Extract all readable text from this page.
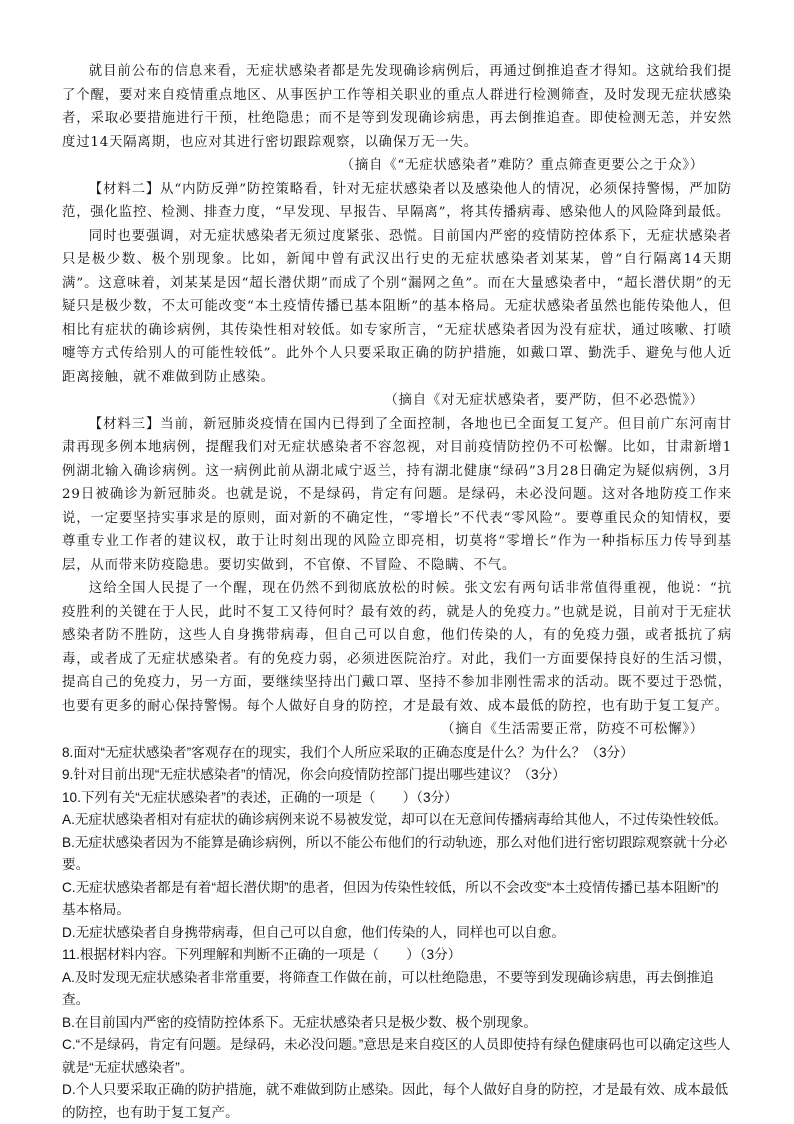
就目前公布的信息来看，无症状感染者都是先发现确诊病例后，再通过倒推追查才得知。这就给我们提了个醒，要对来自疫情重点地区、从事医护工作等相关职业的重点人群进行检测筛查，及时发现无症状感染者，采取必要措施进行干预，杜绝隐患；而不是等到发现确诊病患，再去倒推追查。即使检测无恙，并安然度过14天隔离期，也应对其进行密切跟踪观察，以确保万无一失。

（摘自《“无症状感染者”难防？重点筛查更要公之于众》）

【材料二】从“内防反弹”防控策略看，针对无症状感染者以及感染他人的情况，必须保持警惕，严加防范，强化监控、检测、排查力度，“早发现、早报告、早隔离”，将其传播病毒、感染他人的风险降到最低。

同时也要强调，对无症状感染者无须过度紧张、恐慌。目前国内严密的疫情防控体系下，无症状感染者只是极少数、极个别现象。比如，新闻中曾有武汉出行史的无症状感染者刘某某，曾“自行隔离14天期满”。这意味着，刘某某是因“超长潜伏期”而成了个别“漏网之鱼”。而在大量感染者中，“超长潜伏期”的无疑只是极少数，不太可能改变“本土疫情传播已基本阻断”的基本格局。无症状感染者虽然也能传染他人，但相比有症状的确诊病例，其传染性相对较低。如专家所言，“无症状感染者因为没有症状，通过咳嗽、打喷嚏等方式传给别人的可能性较低”。此外个人只要采取正确的防护措施，如戴口罩、勤洗手、避免与他人近距离接触，就不难做到防止感染。

（摘自《对无症状感染者，要严防，但不必恐慌》）

【材料三】当前，新冠肺炎疫情在国内已得到了全面控制，各地也已全面复工复产。但目前广东河南甘肃再现多例本地病例，提醒我们对无症状感染者不容忽视，对目前疫情防控仍不可松懈。比如，甘肃新增1例湖北输入确诊病例。这一病例此前从湖北咸宁返兰，持有湖北健康“绿码”3月28日确定为疑似病例，3月29日被确诊为新冠肺炎。也就是说，不是绿码，肯定有问题。是绿码，未必没问题。这对各地防疫工作来说，一定要坚持实事求是的原则，面对新的不确定性，“零增长”不代表“零风险”。要尊重民众的知情权，要尊重专业工作者的建议权，敢于让时刻出现的风险立即亮相，切莫将“零增长”作为一种指标压力传导到基层，从而带来防疫隐患。要切实做到，不官僚、不冒险、不隐瞒、不气。

这给全国人民提了一个醒，现在仍然不到彻底放松的时候。张文宏有两句话非常值得重视，他说：“抗疫胜利的关键在于人民，此时不复工又待何时？最有效的药，就是人的免疫力。”也就是说，目前对于无症状感染者防不胜防，这些人自身携带病毒，但自己可以自愈，他们传染的人，有的免疫力强，或者抵抗了病毒，或者成了无症状感染者。有的免疫力弱，必须进医院治疗。对此，我们一方面要保持良好的生活习惯，提高自己的免疫力，另一方面，要继续坚持出门戴口罩、坚持不参加非刚性需求的活动。既不要过于恐慌，也要有更多的耐心保持警惕。每个人做好自身的防控，才是最有效、成本最低的防控，也有助于复工复产。

（摘自《生活需要正常，防疫不可松懈》）

8.面对“无症状感染者”客观存在的现实，我们个人所应采取的正确态度是什么？为什么？（3分）

9.针对目前出现“无症状感染者”的情况，你会向疫情防控部门提出哪些建议？（3分）

10.下列有关“无症状感染者”的表述，正确的一项是（　　）（3分）

A.无症状感染者相对有症状的确诊病例来说不易被发觉，却可以在无意间传播病毒给其他人，不过传染性较低。

B.无症状感染者因为不能算是确诊病例，所以不能公布他们的行动轨迹，那么对他们进行密切跟踪观察就十分必要。

C.无症状感染者都是有着“超长潜伏期”的患者，但因为传染性较低，所以不会改变“本土疫情传播已基本阻断”的基本格局。

D.无症状感染者自身携带病毒，但自己可以自愈，他们传染的人，同样也可以自愈。

11.根据材料内容。下列理解和判断不正确的一项是（　　）（3分）

A.及时发现无症状感染者非常重要，将筛查工作做在前，可以杜绝隐患，不要等到发现确诊病患，再去倒推追查。

B.在目前国内严密的疫情防控体系下。无症状感染者只是极少数、极个别现象。

C.“不是绿码，肯定有问题。是绿码，未必没问题。”意思是来自疫区的人员即使持有绿色健康码也可以确定这些人就是“无症状感染者”。

D.个人只要采取正确的防护措施，就不难做到防止感染。因此，每个人做好自身的防控，才是最有效、成本最低的防控，也有助于复工复产。
